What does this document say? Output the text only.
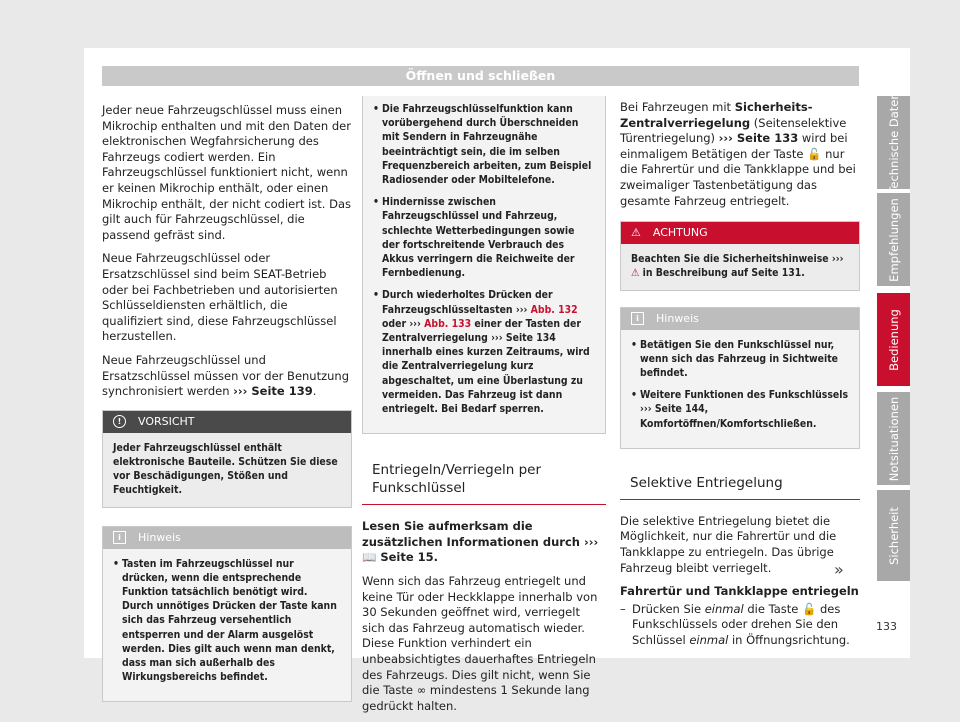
Öffnen und schließen

Jeder neue Fahrzeugschlüssel muss einen Mikrochip enthalten und mit den Daten der elektronischen Wegfahrsicherung des Fahrzeugs codiert werden. Ein Fahrzeugschlüssel funktioniert nicht, wenn er keinen Mikrochip enthält, oder einen Mikrochip enthält, der nicht codiert ist. Das gilt auch für Fahrzeugschlüssel, die passend gefräst sind.

Neue Fahrzeugschlüssel oder Ersatzschlüssel sind beim SEAT-Betrieb oder bei Fachbetrieben und autorisierten Schlüsseldiensten erhältlich, die qualifiziert sind, diese Fahrzeugschlüssel herzustellen.

Neue Fahrzeugschlüssel und Ersatzschlüssel müssen vor der Benutzung synchronisiert werden ››› Seite 139.

! VORSICHT
Jeder Fahrzeugschlüssel enthält elektronische Bauteile. Schützen Sie diese vor Beschädigungen, Stößen und Feuchtigkeit.
i Hinweis

• Tasten im Fahrzeugschlüssel nur drücken, wenn die entsprechende Funktion tatsächlich benötigt wird. Durch unnötiges Drücken der Taste kann sich das Fahrzeug versehentlich entsperren und der Alarm ausgelöst werden. Dies gilt auch wenn man denkt, dass man sich außerhalb des Wirkungsbereichs befindet.

• Die Fahrzeugschlüsselfunktion kann vorübergehend durch Überschneiden mit Sendern in Fahrzeugnähe beeinträchtigt sein, die im selben Frequenzbereich arbeiten, zum Beispiel Radiosender oder Mobiltelefone.

• Hindernisse zwischen Fahrzeugschlüssel und Fahrzeug, schlechte Wetterbedingungen sowie der fortschreitende Verbrauch des Akkus verringern die Reichweite der Fernbedienung.

• Durch wiederholtes Drücken der Fahrzeugschlüsseltasten ››› Abb. 132 oder ››› Abb. 133 einer der Tasten der Zentralverriegelung ››› Seite 134 innerhalb eines kurzen Zeitraums, wird die Zentralverriegelung kurz abgeschaltet, um eine Überlastung zu vermeiden. Das Fahrzeug ist dann entriegelt. Bei Bedarf sperren.

Entriegeln/Verriegeln per Funkschlüssel

Lesen Sie aufmerksam die zusätzlichen Informationen durch ››› 📖 Seite 15.

Wenn sich das Fahrzeug entriegelt und keine Tür oder Heckklappe innerhalb von 30 Sekunden geöffnet wird, verriegelt sich das Fahrzeug automatisch wieder. Diese Funktion verhindert ein unbeabsichtigtes dauerhaftes Entriegeln des Fahrzeugs. Dies gilt nicht, wenn Sie die Taste ∞ mindestens 1 Sekunde lang gedrückt halten.

Bei Fahrzeugen mit Sicherheits-Zentralverriegelung (Seitenselektive Türentriegelung) ››› Seite 133 wird bei einmaligem Betätigen der Taste 🔓 nur die Fahrertür und die Tankklappe und bei zweimaliger Tastenbetätigung das gesamte Fahrzeug entriegelt.

⚠ ACHTUNG
Beachten Sie die Sicherheitshinweise ››› ⚠ in Beschreibung auf Seite 131.
i Hinweis

• Betätigen Sie den Funkschlüssel nur, wenn sich das Fahrzeug in Sichtweite befindet.

• Weitere Funktionen des Funkschlüssels ››› Seite 144, Komfortöffnen/Komfortschließen.

Selektive Entriegelung

Die selektive Entriegelung bietet die Möglichkeit, nur die Fahrertür und die Tankklappe zu entriegeln. Das übrige Fahrzeug bleibt verriegelt.

Fahrertür und Tankklappe entriegeln

– Drücken Sie einmal die Taste 🔓 des Funkschlüssels oder drehen Sie den Schlüssel einmal in Öffnungsrichtung.

»
Technische Daten
Empfehlungen
Bedienung
Notsituationen
Sicherheit
133
